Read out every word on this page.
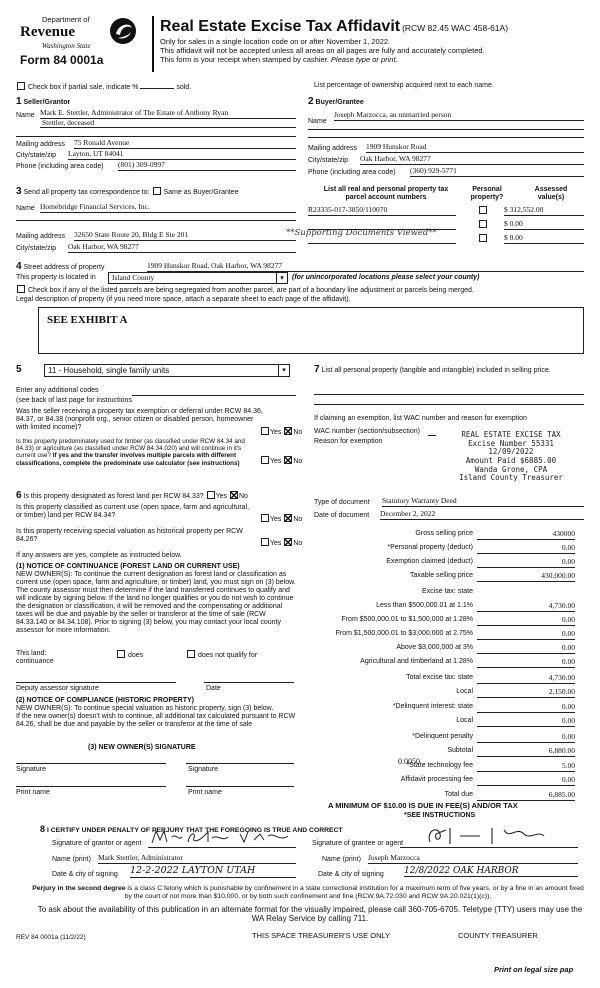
Department of
Revenue
Washington State
Form 84 0001a
Real Estate Excise Tax Affidavit (RCW 82.45 WAC 458-61A)
Only for sales in a single location code on or after November 1, 2022.
This affidavit will not be accepted unless all areas on all pages are fully and accurately completed.
This form is your receipt when stamped by cashier. Please type or print.
Check box if partial sale, indicate %	sold.	List percentage of ownership acquired next to each name.
1 Seller/Grantor
Name Mark E. Stettler, Administrator of The Estate of Anthony Ryan
Stettler, deceased
Mailing address 75 Ronald Avenue
City/state/zip Layton, UT 84041
Phone (including area code) (801) 309-0997
2 Buyer/Grantee
Name
Joseph Marzocca, an unmarried person
Mailing address 1909 Hunskor Road
City/state/zip Oak Harbor, WA 98277
Phone (including area code) (360) 929-5771
3 Send all property tax correspondence to: Same as Buyer/Grantee
Name Homebridge Financial Services, Inc.
Mailing address 32650 State Route 20, Bldg E Ste 201	**Supporting Documents Viewed**
City/state/zip Oak Harbor, WA 98277
List all real and personal property tax
parcel account numbers
Personal
property?
Assessed
value(s)
R23335-017-3850/110070	$ 312,552.00
$ 0.00
$ 0.00
4 Street address of property	1909 Hunskor Road, Oak Harbor, WA 98277
This property is located in	Island County	▾	(for unincorporated locations please select your county)
Check box if any of the listed parcels are being segregated from another parcel, are part of a boundary line adjustment or parcels being merged.
Legal description of property (if you need more space, attach a separate sheet to each page of the affidavit).
SEE EXHIBIT A
5	11 - Household, single family units	▾
Enter any additional codes
(see back of last page for instructions
Was the seller receiving a property tax exemption or deferral under RCW 84.36, 84.37, or 84.38 (nonprofit org., senior citizen or disabled person, homeowner with limited income)?
Yes No
Is this property predominately used for timber (as classified under RCW 84.34 and 84.33) or agriculture (as classified under RCW 84.34.020) and will continue in it's current use? If yes and the transfer involves multiple parcels with different classifications, complete the predominate use calculator (see instructions)	Yes No
6 Is this property designated as forest land per RCW 84.33? Yes No
Is this property classified as current use (open space, farm and agricultural, or timber) land per RCW 84.34?
Yes No
Is this property receiving special valuation as historical property per RCW 84.26?
Yes No
If any answers are yes, complete as instructed below.
(1) NOTICE OF CONTINUANCE (FOREST LAND OR CURRENT USE)
NEW OWNER(S): To continue the current designation as forest land or classification as current use (open space, farm and agriculture, or timber) land, you must sign on (3) below.
The county assessor must then determine if the land transferred continues to qualify and will indicate by signing below. If the land no longer qualifies or you do not wish to continue the designation or classification, it will be removed and the compensating or additional taxes will be due and payable by the seller or transferor at the time of sale (RCW 84.33.140 or 84.34.108). Prior to signing (3) below, you may contact your local county assessor for more information.
This land:	does	does not qualify for
continuance
Deputy assessor signature	Date
(2) NOTICE OF COMPLIANCE (HISTORIC PROPERTY)
NEW OWNER(S): To continue special valuation as historic property, sign (3) below.
If the new owner(s) doesn't wish to continue, all additional tax calculated pursuant to RCW 84.26, shall be due and payable by the seller or transferor at the time of sale
(3) NEW OWNER(S) SIGNATURE
Signature	Signature
Print name	Print name
7 List all personal property (tangible and intangible) included in selling price.
If claiming an exemption, list WAC number and reason for exemption
WAC number (section/subsection)
Reason for exemption
REAL ESTATE EXCISE TAX
Excise Number 55331
12/09/2022
Amount Paid $6885.00
Wanda Grone, CPA
Island County Treasurer
Type of document Statutory Warranty Deed
Date of document December 2, 2022
Gross selling price	430000
*Personal property (deduct)	0.00
Exemption claimed (deduct)	0.00
Taxable selling price	430,000.00
Excise tax: state
Less than $500,000.01 at 1.1%	4,730.00
From $500,000.01 to $1,500,000 at 1.28%	0.00
From $1,500,000.01 to $3,000,000 at 2.75%	0.00
Above $3,000,000 at 3%	0.00
Agricultural and timberland at 1.28%	0.00
Total excise tax: state	4,730.00
Local	2,150.00
*Delinquent interest: state	0.00
Local	0.00
*Delinquent penalty	0.00
Subtotal	6,880.00
*State technology fee	5.00
Affidavit processing fee	0.00
Total due	6,885.00
0.0050
A MINIMUM OF $10.00 IS DUE IN FEE(S) AND/OR TAX
*SEE INSTRUCTIONS
8 I CERTIFY UNDER PENALTY OF PERJURY THAT THE FOREGOING IS TRUE AND CORRECT
Signature of grantor or agent	Signature of grantee or agent
Name (print) Mark Stettler, Administrator	Name (print) Joseph Marzocca
Date & city of signing 12-2-2022 LAYTON UTAH	Date & city of signing 12/8/2022 OAK HARBOR
Perjury in the second degree is a class C felony which is punishable by confinement in a state correctional institution for a maximum term of five years, or by a fine in an amount fixed by the court of not more than $10,000, or by both such confinement and fine (RCW 9A.72.030 and RCW 9A.20.021(1)(c)).
To ask about the availability of this publication in an alternate format for the visually impaired, please call 360-705-6705. Teletype (TTY) users may use the WA Relay Service by calling 711.
REV 84 0001a (11/2/22)	THIS SPACE TREASURER'S USE ONLY	COUNTY TREASURER
Print on legal size pap
